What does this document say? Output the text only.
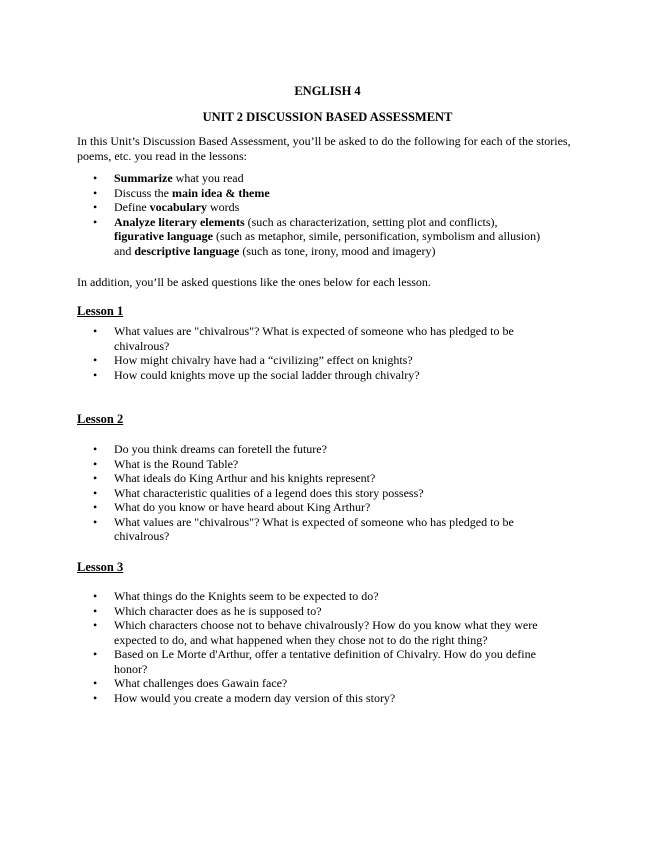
ENGLISH 4
UNIT 2 DISCUSSION BASED ASSESSMENT

In this Unit’s Discussion Based Assessment, you’ll be asked to do the following for each of the stories, poems, etc. you read in the lessons:

• Summarize what you read
• Discuss the main idea & theme
• Define vocabulary words
• Analyze literary elements (such as characterization, setting plot and conflicts),
figurative language (such as metaphor, simile, personification, symbolism and allusion)
and descriptive language (such as tone, irony, mood and imagery)

In addition, you’ll be asked questions like the ones below for each lesson.

Lesson 1
• What values are "chivalrous"? What is expected of someone who has pledged to be chivalrous?
• How might chivalry have had a “civilizing” effect on knights?
• How could knights move up the social ladder through chivalry?
Lesson 2
• Do you think dreams can foretell the future?
• What is the Round Table?
• What ideals do King Arthur and his knights represent?
• What characteristic qualities of a legend does this story possess?
• What do you know or have heard about King Arthur?
• What values are "chivalrous"? What is expected of someone who has pledged to be chivalrous?
Lesson 3
• What things do the Knights seem to be expected to do?
• Which character does as he is supposed to?
• Which characters choose not to behave chivalrously? How do you know what they were expected to do, and what happened when they chose not to do the right thing?
• Based on Le Morte d'Arthur, offer a tentative definition of Chivalry. How do you define honor?
• What challenges does Gawain face?
• How would you create a modern day version of this story?
